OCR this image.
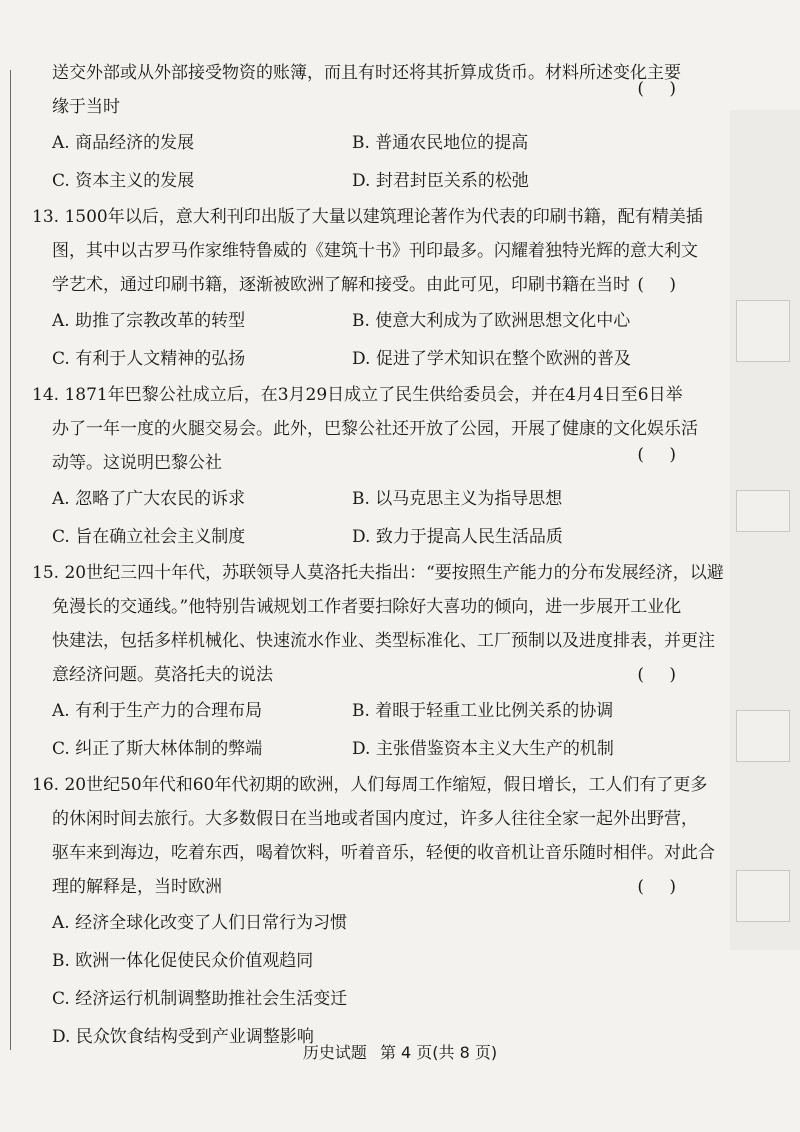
送交外部或从外部接受物资的账簿，而且有时还将其折算成货币。材料所述变化主要
缘于当时
( )
A. 商品经济的发展	B. 普通农民地位的提高
C. 资本主义的发展	D. 封君封臣关系的松弛
13. 1500年以后，意大利刊印出版了大量以建筑理论著作为代表的印刷书籍，配有精美插
图，其中以古罗马作家维特鲁威的《建筑十书》刊印最多。闪耀着独特光辉的意大利文
学艺术，通过印刷书籍，逐渐被欧洲了解和接受。由此可见，印刷书籍在当时 ( )
A. 助推了宗教改革的转型	B. 使意大利成为了欧洲思想文化中心
C. 有利于人文精神的弘扬	D. 促进了学术知识在整个欧洲的普及
14. 1871年巴黎公社成立后，在3月29日成立了民生供给委员会，并在4月4日至6日举
办了一年一度的火腿交易会。此外，巴黎公社还开放了公园，开展了健康的文化娱乐活
动等。这说明巴黎公社	( )
A. 忽略了广大农民的诉求	B. 以马克思主义为指导思想
C. 旨在确立社会主义制度	D. 致力于提高人民生活品质
15. 20世纪三四十年代，苏联领导人莫洛托夫指出：“要按照生产能力的分布发展经济，以避
免漫长的交通线。”他特别告诫规划工作者要扫除好大喜功的倾向，进一步展开工业化
快建法，包括多样机械化、快速流水作业、类型标准化、工厂预制以及进度排表，并更注
意经济问题。莫洛托夫的说法	( )
A. 有利于生产力的合理布局	B. 着眼于轻重工业比例关系的协调
C. 纠正了斯大林体制的弊端	D. 主张借鉴资本主义大生产的机制
16. 20世纪50年代和60年代初期的欧洲，人们每周工作缩短，假日增长，工人们有了更多
的休闲时间去旅行。大多数假日在当地或者国内度过，许多人往往全家一起外出野营，
驱车来到海边，吃着东西，喝着饮料，听着音乐，轻便的收音机让音乐随时相伴。对此合
理的解释是，当时欧洲	( )
A. 经济全球化改变了人们日常行为习惯
B. 欧洲一体化促使民众价值观趋同
C. 经济运行机制调整助推社会生活变迁
D. 民众饮食结构受到产业调整影响
历史试题 第 4 页(共 8 页)
